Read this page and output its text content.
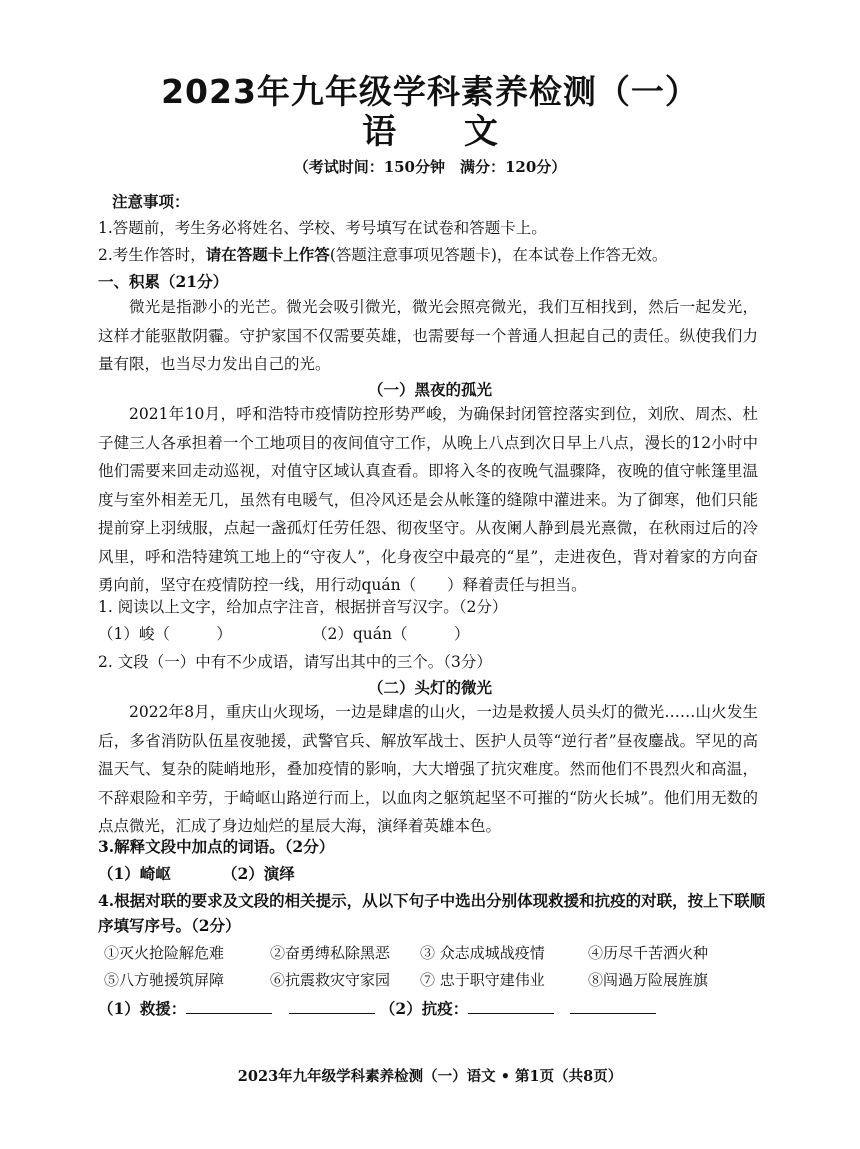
2023年九年级学科素养检测（一）
语 文
（考试时间：150分钟　满分：120分）
注意事项：
1.答题前，考生务必将姓名、学校、考号填写在试卷和答题卡上。
2.考生作答时，请在答题卡上作答(答题注意事项见答题卡)，在本试卷上作答无效。
一、积累（21分）
微光是指渺小的光芒。微光会吸引微光，微光会照亮微光，我们互相找到，然后一起发光，这样才能驱散阴霾。守护家国不仅需要英雄，也需要每一个普通人担起自己的责任。纵使我们力量有限，也当尽力发出自己的光。
（一）黑夜的孤光
2021年10月，呼和浩特市疫情防控形势严峻，为确保封闭管控落实到位，刘欣、周杰、杜子健三人各承担着一个工地项目的夜间值守工作，从晚上八点到次日早上八点，漫长的12小时中他们需要来回走动巡视，对值守区域认真查看。即将入冬的夜晚气温骤降，夜晚的值守帐篷里温度与室外相差无几，虽然有电暖气，但冷风还是会从帐篷的缝隙中灌进来。为了御寒，他们只能提前穿上羽绒服，点起一盏孤灯任劳任怨、彻夜坚守。从夜阑人静到晨光熹微，在秋雨过后的冷风里，呼和浩特建筑工地上的“守夜人”，化身夜空中最亮的“星”，走进夜色，背对着家的方向奋勇向前，坚守在疫情防控一线，用行动quán（　　）释着责任与担当。
1. 阅读以上文字，给加点字注音，根据拼音写汉字。（2分）
（1）峻（　　　）	（2）quán（　　　）
2. 文段（一）中有不少成语，请写出其中的三个。（3分）
（二）头灯的微光
2022年8月，重庆山火现场，一边是肆虐的山火，一边是救援人员头灯的微光……山火发生后，多省消防队伍星夜驰援，武警官兵、解放军战士、医护人员等“逆行者”昼夜鏖战。罕见的高温天气、复杂的陡峭地形，叠加疫情的影响，大大增强了抗灾难度。然而他们不畏烈火和高温，不辞艰险和辛劳，于崎岖山路逆行而上，以血肉之躯筑起坚不可摧的“防火长城”。他们用无数的点点微光，汇成了身边灿烂的星辰大海，演绎着英雄本色。
3.解释文段中加点的词语。（2分）
（1）崎岖	（2）演绎
4.根据对联的要求及文段的相关提示，从以下句子中选出分别体现救援和抗疫的对联，按上下联顺
序填写序号。（2分）
①灭火抢险解危难	②奋勇缚私除黑恶 ③ 众志成城战疫情	④历尽千苦洒火种
⑤八方驰援筑屏障	⑥抗震救灾守家园 ⑦ 忠于职守建伟业	⑧闯過万险展旌旗
（1）救援：	（2）抗疫：
2023年九年级学科素养检测（一）语文 • 第1页（共8页）
